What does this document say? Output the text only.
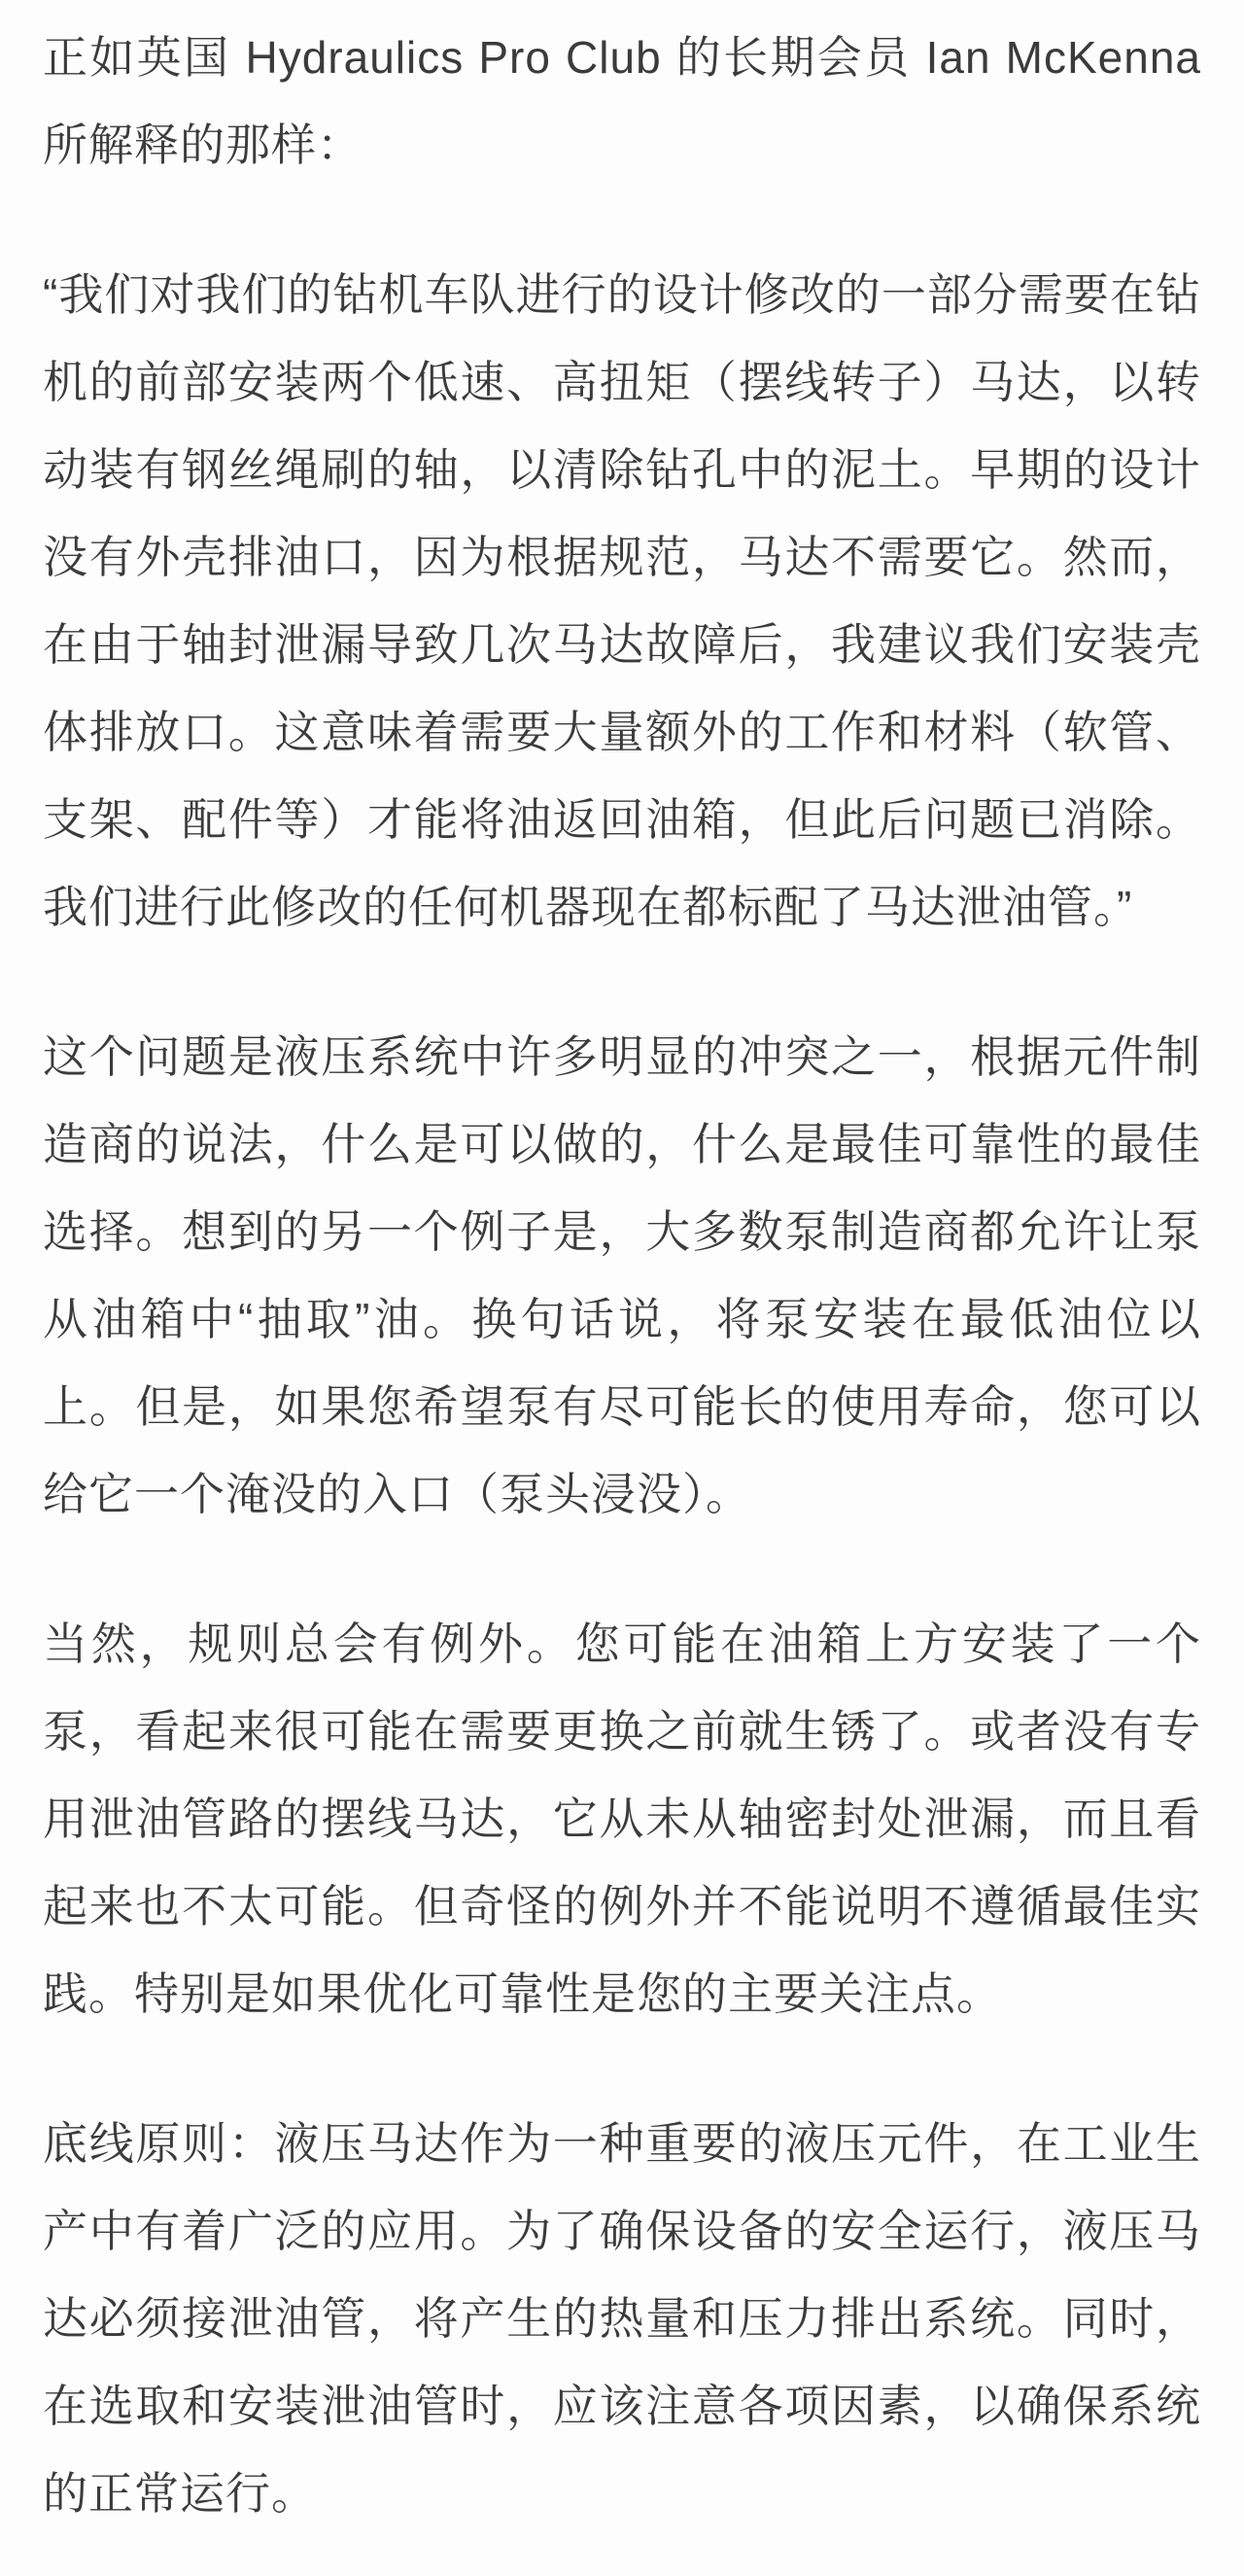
正如英国 Hydraulics Pro Club 的长期会员 Ian McKenna 所解释的那样：

“我们对我们的钻机车队进行的设计修改的一部分需要在钻机的前部安装两个低速、高扭矩（摆线转子）马达，以转动装有钢丝绳刷的轴，以清除钻孔中的泥土。早期的设计没有外壳排油口，因为根据规范，马达不需要它。然而，在由于轴封泄漏导致几次马达故障后，我建议我们安装壳体排放口。这意味着需要大量额外的工作和材料（软管、支架、配件等）才能将油返回油箱，但此后问题已消除。我们进行此修改的任何机器现在都标配了马达泄油管。”

这个问题是液压系统中许多明显的冲突之一，根据元件制造商的说法，什么是可以做的，什么是最佳可靠性的最佳选择。想到的另一个例子是，大多数泵制造商都允许让泵从油箱中“抽取”油。换句话说，将泵安装在最低油位以上。但是，如果您希望泵有尽可能长的使用寿命，您可以给它一个淹没的入口（泵头浸没）。

当然，规则总会有例外。您可能在油箱上方安装了一个泵，看起来很可能在需要更换之前就生锈了。或者没有专用泄油管路的摆线马达，它从未从轴密封处泄漏，而且看起来也不太可能。但奇怪的例外并不能说明不遵循最佳实践。特别是如果优化可靠性是您的主要关注点。

底线原则：液压马达作为一种重要的液压元件，在工业生产中有着广泛的应用。为了确保设备的安全运行，液压马达必须接泄油管，将产生的热量和压力排出系统。同时，在选取和安装泄油管时，应该注意各项因素，以确保系统的正常运行。
